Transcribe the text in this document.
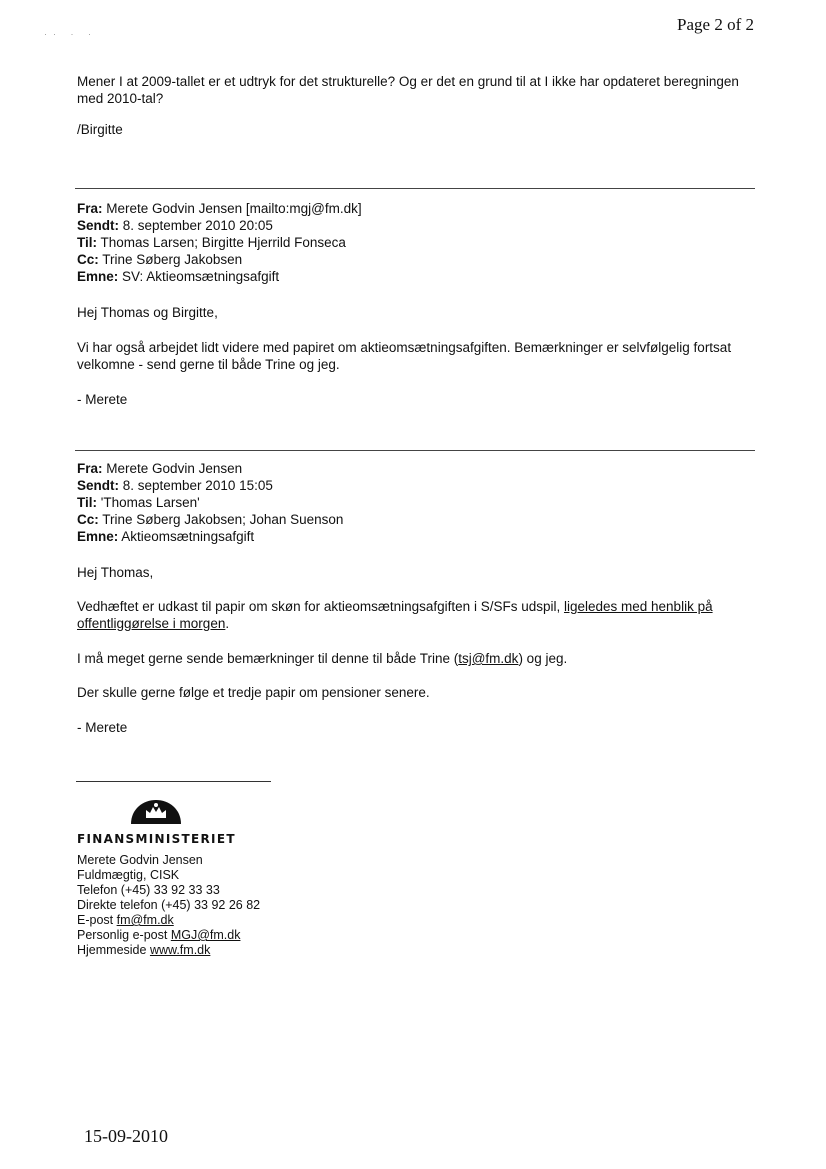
Page 2 of 2
·· · ·
Mener I at 2009-tallet er et udtryk for det strukturelle? Og er det en grund til at I ikke har opdateret beregningen med 2010-tal?
/Birgitte
Fra: Merete Godvin Jensen [mailto:mgj@fm.dk]
Sendt: 8. september 2010 20:05
Til: Thomas Larsen; Birgitte Hjerrild Fonseca
Cc: Trine Søberg Jakobsen
Emne: SV: Aktieomsætningsafgift
Hej Thomas og Birgitte,
Vi har også arbejdet lidt videre med papiret om aktieomsætningsafgiften. Bemærkninger er selvfølgelig fortsat velkomne - send gerne til både Trine og jeg.
- Merete
Fra: Merete Godvin Jensen
Sendt: 8. september 2010 15:05
Til: 'Thomas Larsen'
Cc: Trine Søberg Jakobsen; Johan Suenson
Emne: Aktieomsætningsafgift
Hej Thomas,
Vedhæftet er udkast til papir om skøn for aktieomsætningsafgiften i S/SFs udspil, ligeledes med henblik på offentliggørelse i morgen.
I må meget gerne sende bemærkninger til denne til både Trine (tsj@fm.dk) og jeg.
Der skulle gerne følge et tredje papir om pensioner senere.
- Merete
FINANSMINISTERIET
Merete Godvin Jensen
Fuldmægtig, CISK
Telefon (+45) 33 92 33 33
Direkte telefon (+45) 33 92 26 82
E-post fm@fm.dk
Personlig e-post MGJ@fm.dk
Hjemmeside www.fm.dk
15-09-2010
